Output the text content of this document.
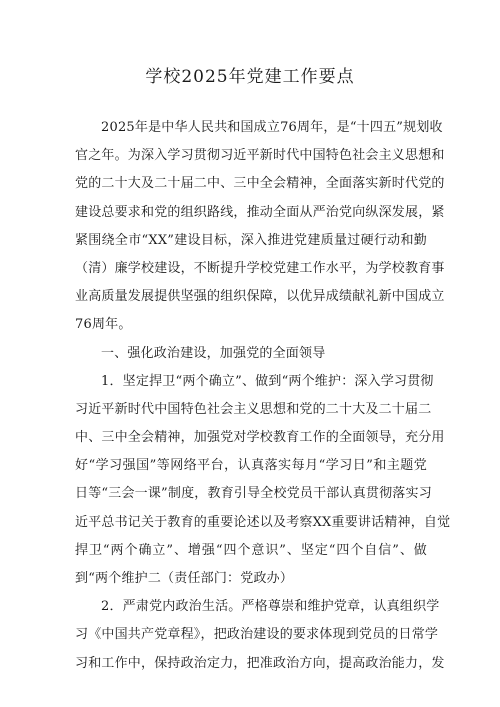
学校2025年党建工作要点
2025年是中华人民共和国成立76周年，是“十四五”规划收
官之年。为深入学习贯彻习近平新时代中国特色社会主义思想和
党的二十大及二十届二中、三中全会精神，全面落实新时代党的
建设总要求和党的组织路线，推动全面从严治党向纵深发展，紧
紧围绕全市“XX”建设目标，深入推进党建质量过硬行动和勤
（清）廉学校建设，不断提升学校党建工作水平，为学校教育事
业高质量发展提供坚强的组织保障，以优异成绩献礼新中国成立
76周年。
一、强化政治建设，加强党的全面领导
1．坚定捍卫“两个确立”、做到“两个维护：深入学习贯彻
习近平新时代中国特色社会主义思想和党的二十大及二十届二
中、三中全会精神，加强党对学校教育工作的全面领导，充分用
好“学习强国”等网络平台，认真落实每月“学习日”和主题党
日等“三会一课”制度，教育引导全校党员干部认真贯彻落实习
近平总书记关于教育的重要论述以及考察XX重要讲话精神，自觉
捍卫“两个确立”、增强“四个意识”、坚定“四个自信”、做
到“两个维护二（责任部门：党政办）
2．严肃党内政治生活。严格尊崇和维护党章，认真组织学
习《中国共产党章程》，把政治建设的要求体现到党员的日常学
习和工作中，保持政治定力，把准政治方向，提高政治能力，发
